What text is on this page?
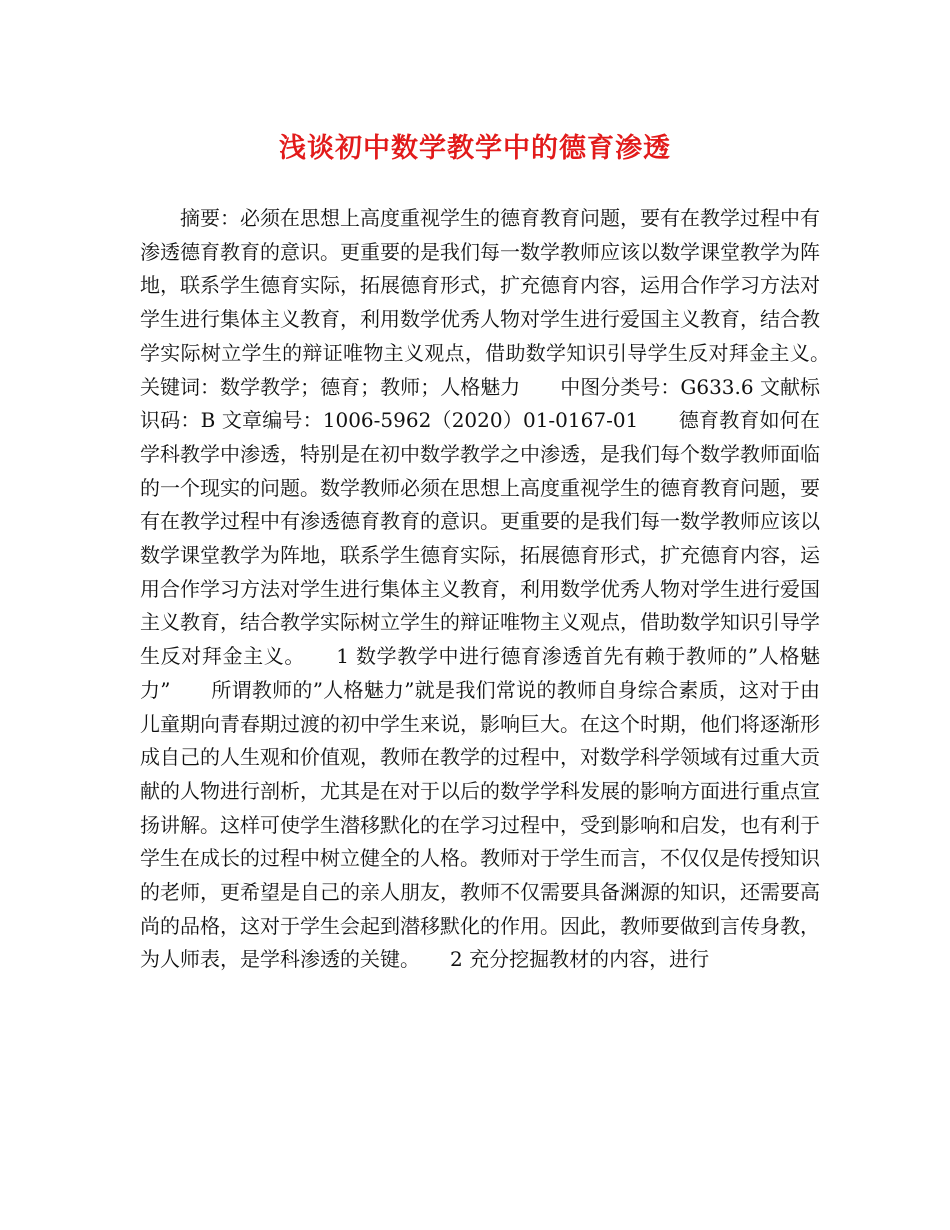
浅谈初中数学教学中的德育渗透

摘要：必须在思想上高度重视学生的德育教育问题，要有在教学过程中有渗透德育教育的意识。更重要的是我们每一数学教师应该以数学课堂教学为阵地，联系学生德育实际，拓展德育形式，扩充德育内容，运用合作学习方法对学生进行集体主义教育，利用数学优秀人物对学生进行爱国主义教育，结合教学实际树立学生的辩证唯物主义观点，借助数学知识引导学生反对拜金主义。　　关键词：数学教学；德育；教师；人格魅力　　中图分类号：G633.6 文献标识码：B 文章编号：1006-5962（2020）01-0167-01　　德育教育如何在学科教学中渗透，特别是在初中数学教学之中渗透，是我们每个数学教师面临的一个现实的问题。数学教师必须在思想上高度重视学生的德育教育问题，要有在教学过程中有渗透德育教育的意识。更重要的是我们每一数学教师应该以数学课堂教学为阵地，联系学生德育实际，拓展德育形式，扩充德育内容，运用合作学习方法对学生进行集体主义教育，利用数学优秀人物对学生进行爱国主义教育，结合教学实际树立学生的辩证唯物主义观点，借助数学知识引导学生反对拜金主义。　　1 数学教学中进行德育渗透首先有赖于教师的”人格魅力”　　所谓教师的”人格魅力”就是我们常说的教师自身综合素质，这对于由儿童期向青春期过渡的初中学生来说，影响巨大。在这个时期，他们将逐渐形成自己的人生观和价值观，教师在教学的过程中，对数学科学领域有过重大贡献的人物进行剖析，尤其是在对于以后的数学学科发展的影响方面进行重点宣扬讲解。这样可使学生潜移默化的在学习过程中，受到影响和启发，也有利于学生在成长的过程中树立健全的人格。教师对于学生而言，不仅仅是传授知识的老师，更希望是自己的亲人朋友，教师不仅需要具备渊源的知识，还需要高尚的品格，这对于学生会起到潜移默化的作用。因此，教师要做到言传身教，为人师表，是学科渗透的关键。　　2 充分挖掘教材的内容，进行
